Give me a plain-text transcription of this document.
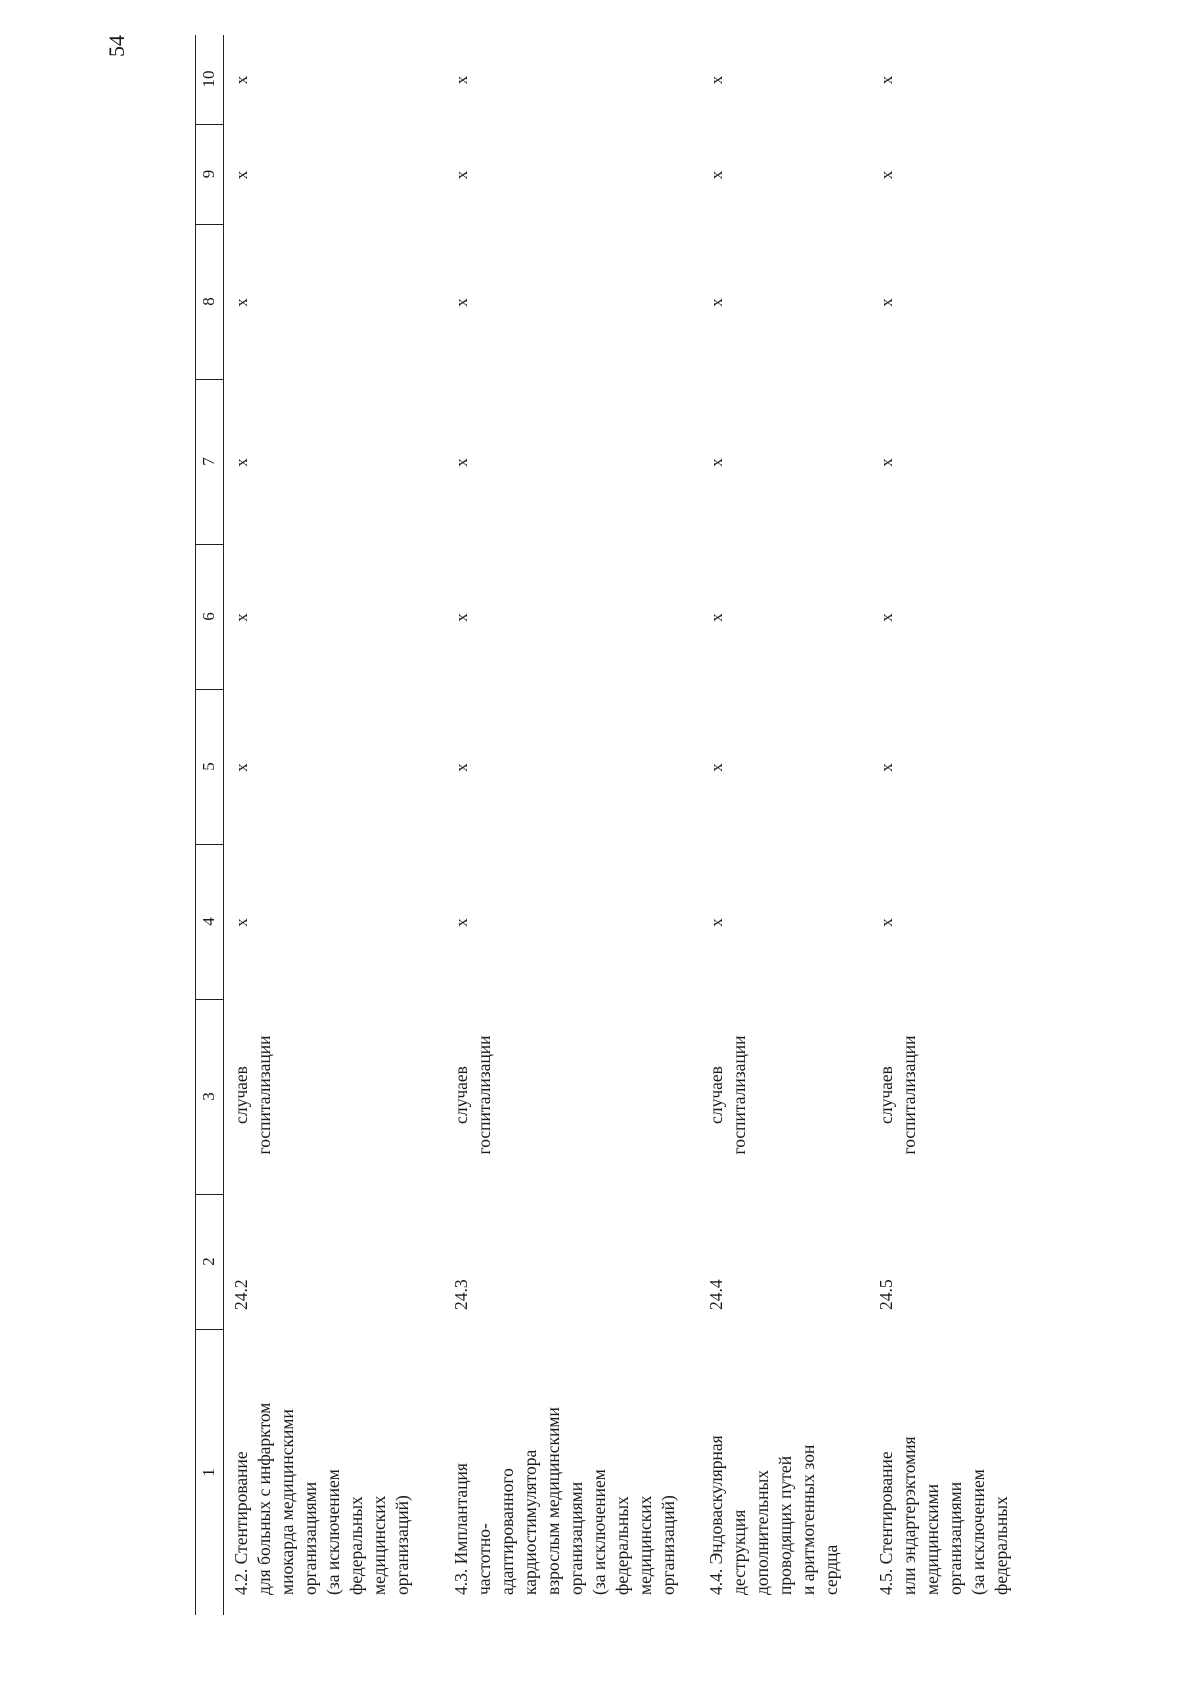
54
1
2
3
4
5
6
7
8
9
10
4.2. Стентирование
для больных с инфарктом
миокарда медицинскими
организациями
(за исключением
федеральных
медицинских
организаций)
24.2
случаев
госпитализации
x
x
x
x
x
x
x
4.3. Имплантация
частотно-
адаптированного
кардиостимулятора
взрослым медицинскими
организациями
(за исключением
федеральных
медицинских
организаций)
24.3
случаев
госпитализации
x
x
x
x
x
x
x
4.4. Эндоваскулярная
деструкция
дополнительных
проводящих путей
и аритмогенных зон
сердца
24.4
случаев
госпитализации
x
x
x
x
x
x
x
4.5. Стентирование
или эндартерэктомия
медицинскими
организациями
(за исключением
федеральных
24.5
случаев
госпитализации
x
x
x
x
x
x
x
